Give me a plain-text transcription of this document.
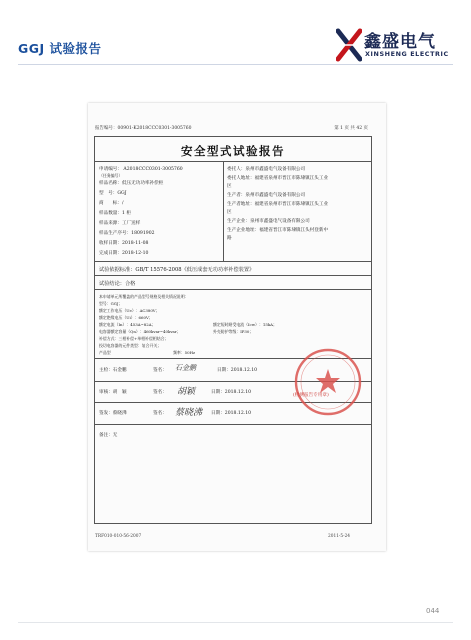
GGJ 试验报告	鑫盛电气
XINSHENG ELECTRIC
报告编号：00901-K2018CCC0301-3005760	第 1 页 共 42 页
安全型式试验报告
申请编号： A2018CCC0301-3005760
（任务编号）
样品名称：低压无功功率补偿柜
型　号：GGJ
商　　标：/
样品数量：1 柜
样品来源：工厂送样
样品生产序号：18091902
收样日期：2018-11-08
完成日期：2018-12-10
委托人：泉州市鑫盛电气设备有限公司
委托人地址：福建省泉州市晋江市陈埭镇江头工业
区
生产者：泉州市鑫盛电气设备有限公司
生产者地址：福建省泉州市晋江市陈埭镇江头工业
区
生产企业：泉州市鑫盛电气设备有限公司
生产企业地址：福建省晋江市陈埭镇江头村登新中
路
试验依据标准：GB/T 15576-2008《低压成套无功功率补偿装置》
试验结论：合格
本申请单元所覆盖的产品型号规格及相关情况说明：
型号：GGJ；
额定工作电压（Ue）：AC380V；
额定绝缘电压（Ui）：660V；
额定电流（In）：453A~82A；
电容器额定容量（Qn）：460kvar~40kvar；
补偿方式：三相补偿+单相补偿相结合；
投切电容器的元件类型：复合开关；
产品型
额定短时耐受电流（Icw）：15kA；
外壳防护等级：IP30；
频率：50Hz
主检：石金鹏	签名： 石金鹏	日期：2018.12.10
审核：胡　颖	签名： 胡颖	日期：2018.12.10
签发：蔡晓沸	签名： 蔡晓沸 日期：2018.12.10
备注：无
(检测报告专用章)
TRF010-010-56-2007	2011-5-24
044
